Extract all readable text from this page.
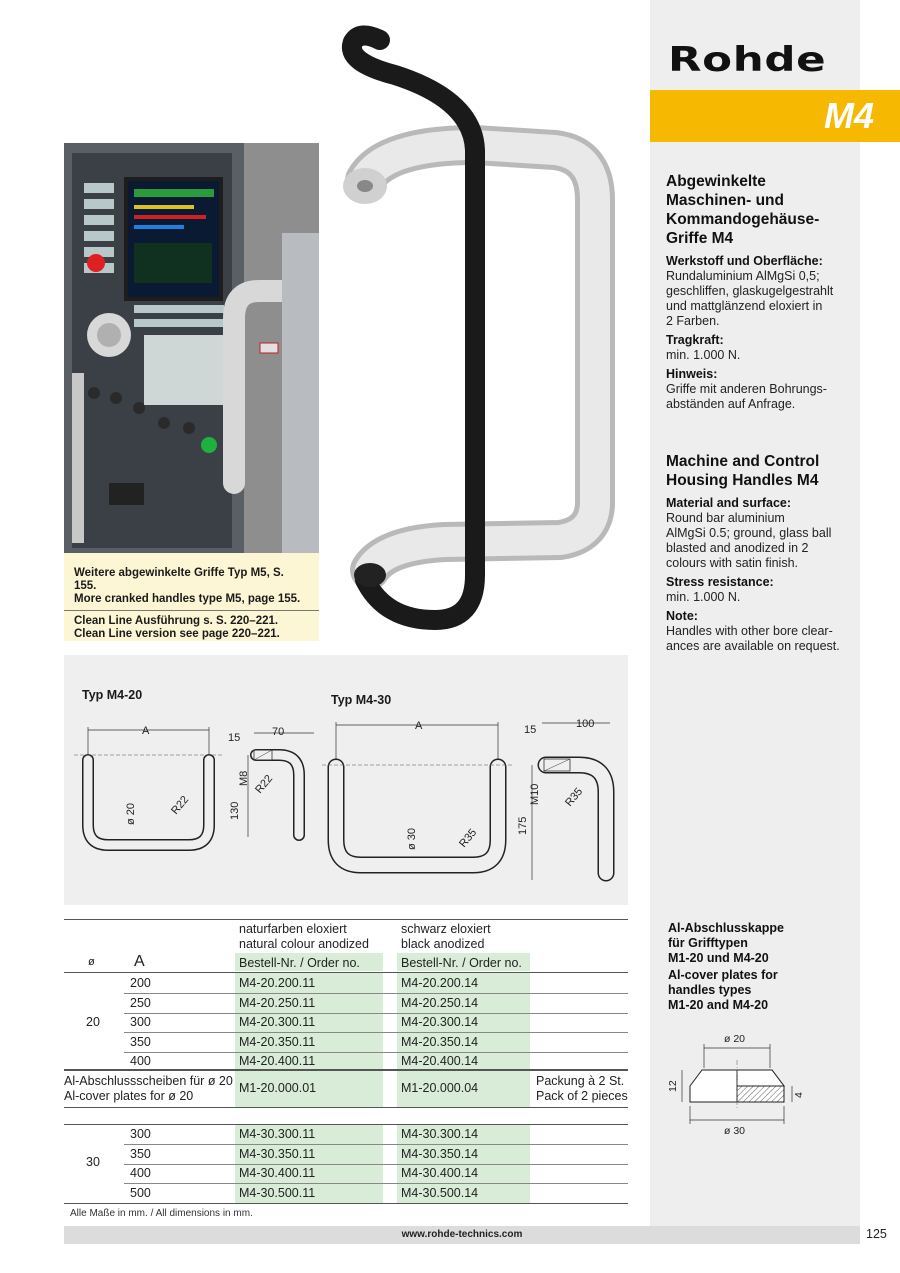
Rohde
M4
Abgewinkelte Maschinen- und Kommandogehäuse-Griffe M4
Werkstoff und Oberfläche:

Rundaluminium AlMgSi 0,5;
geschliffen, glaskugelgestrahlt
und mattglänzend eloxiert in
2 Farben.

Tragkraft:

min. 1.000 N.

Hinweis:

Griffe mit anderen Bohrungs-
abständen auf Anfrage.

Machine and Control Housing Handles M4
Material and surface:

Round bar aluminium
AlMgSi 0.5; ground, glass ball
blasted and anodized in 2
colours with satin finish.

Stress resistance:

min. 1.000 N.

Note:

Handles with other bore clear-
ances are available on request.

Weitere abgewinkelte Griffe Typ M5, S. 155.
More cranked handles type M5, page 155.
Clean Line Ausführung s. S. 220–221.
Clean Line version see page 220–221.
Typ M4-20	Typ M4-30
A
ø 20	R22
15	70
M8
130
R22
A
ø 30	R35
15	100
M10
175
R35
naturfarben eloxiert
natural colour anodized
schwarz eloxiert
black anodized
ø A	Bestell-Nr. / Order no.	Bestell-Nr. / Order no.
20
200	M4-20.200.11	M4-20.200.14
250	M4-20.250.11	M4-20.250.14
300	M4-20.300.11	M4-20.300.14
350	M4-20.350.11	M4-20.350.14
400	M4-20.400.11	M4-20.400.14
Al-Abschlussscheiben für ø 20
Al-cover plates for ø 20
M1-20.000.01	M1-20.000.04	Packung à 2 St.
Pack of 2 pieces
30
300	M4-30.300.11	M4-30.300.14
350	M4-30.350.11	M4-30.350.14
400	M4-30.400.11	M4-30.400.14
500	M4-30.500.11	M4-30.500.14
Alle Maße in mm. / All dimensions in mm.

Al-Abschlusskappe
für Grifftypen
M1-20 und M4-20

Al-cover plates for
handles types
M1-20 and M4-20

ø 20
ø 30
12
4
www.rohde-technics.com	125
